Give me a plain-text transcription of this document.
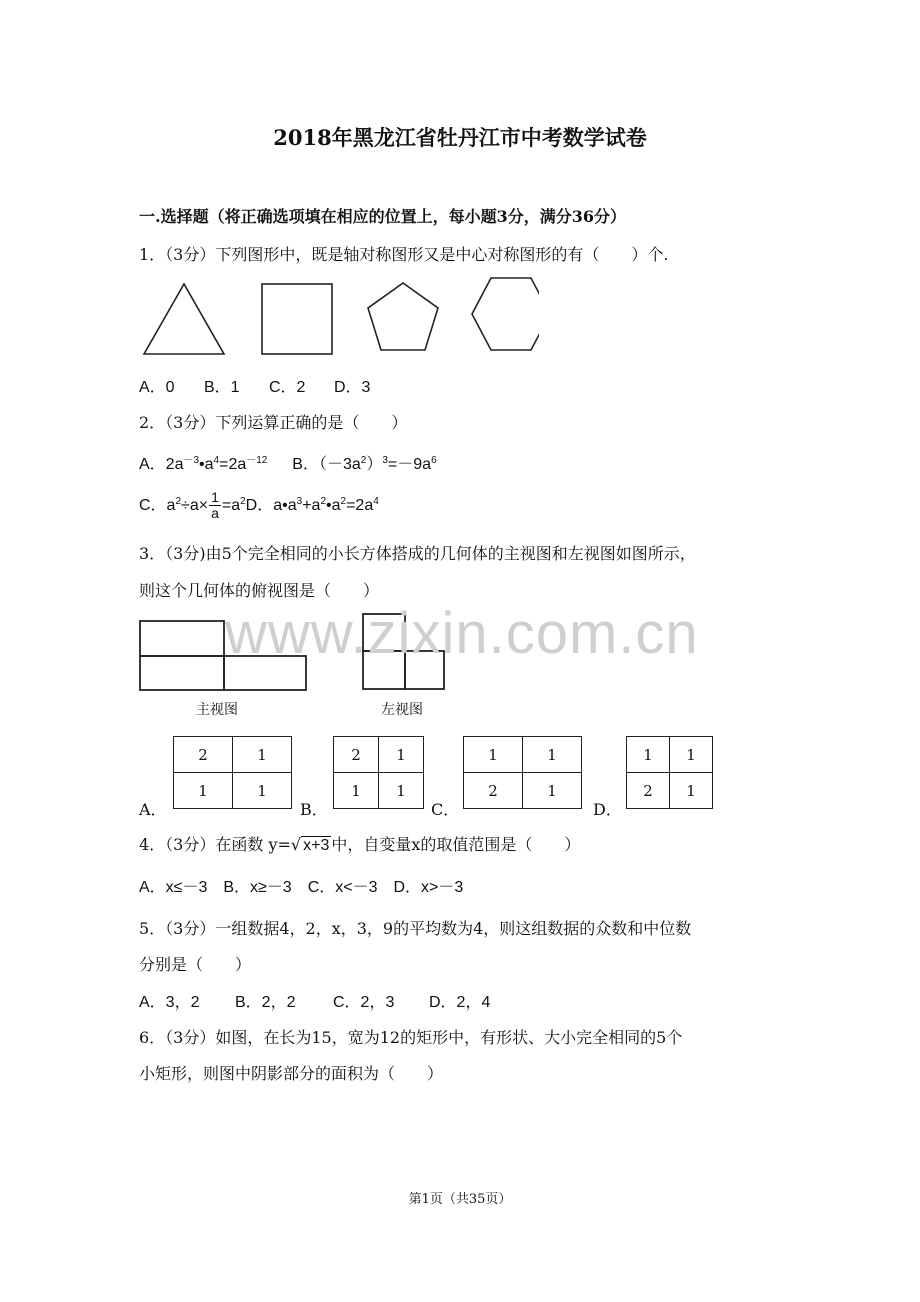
2018年黑龙江省牡丹江市中考数学试卷
一.选择题（将正确选项填在相应的位置上，每小题3分，满分36分）
1．（3分）下列图形中，既是轴对称图形又是中心对称图形的有（　　）个.
A．0 B．1 C．2 D．3
2．（3分）下列运算正确的是（　　）
A．$2a^{-3}•a^4=2a^{-12}$ B．$(-3a^2)^3=-9a^6$
C．$a^2\div a\times \frac{1}{a} =a^2D$．$a•a^3+a^2•a^2=2a^4$
3．（3分)由5个完全相同的小长方体搭成的几何体的主视图和左视图如图所示，
则这个几何体的俯视图是（　　）
主视图	左视图
www.zixin.com.cn
A．
2	1
1	1
B．
2	1
1	1
C．
1	1
2	1
D．
1	1
2	1
4．（3分）在函数 y=√ x+3 中，自变量x的取值范围是（　　）
A．x≤－3　B．x≥－3　C．x<－3　D．x>－3
5．（3分）一组数据4，2，x，3，9的平均数为4，则这组数据的众数和中位数
分别是（　　）
A．3，2 B．2，2 C．2，3 D．2，4
6．（3分）如图，在长为15，宽为12的矩形中，有形状、大小完全相同的5个
小矩形，则图中阴影部分的面积为（　　）
第1页（共35页）
